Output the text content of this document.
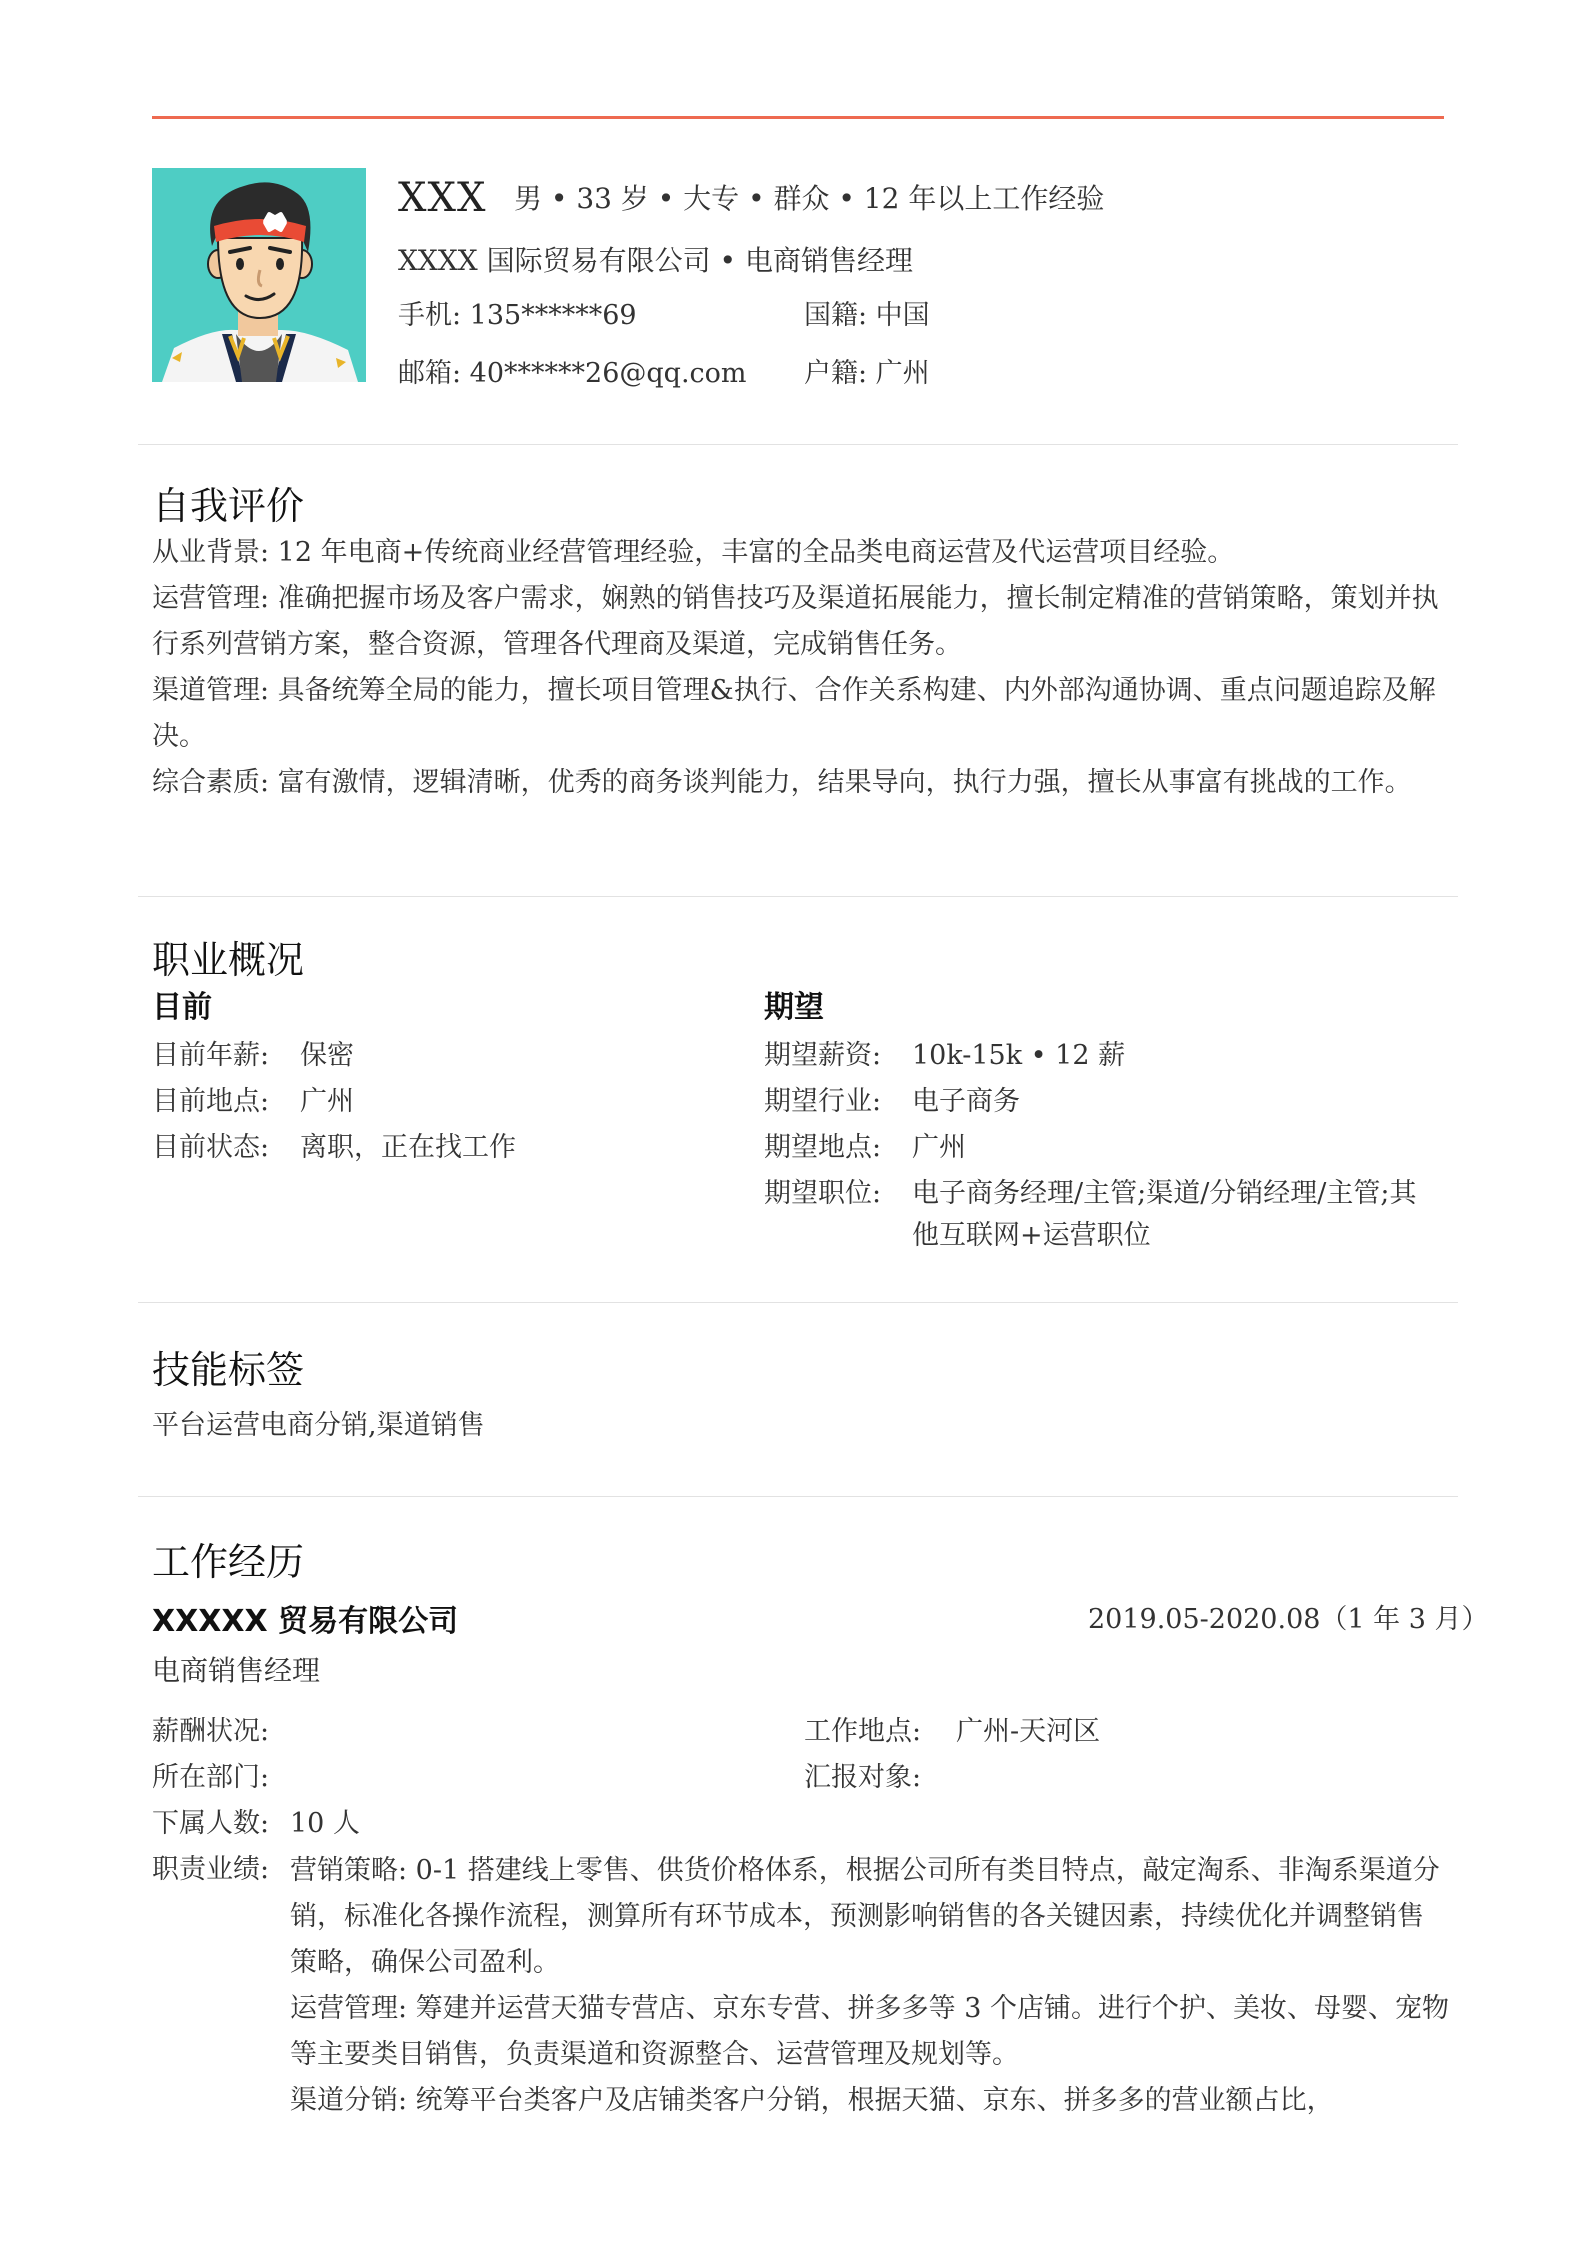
XXX 男 • 33 岁 • 大专 • 群众 • 12 年以上工作经验
XXXX 国际贸易有限公司 • 电商销售经理
手机: 135******69	国籍: 中国
邮箱: 40******26@qq.com 户籍: 广州
自我评价

从业背景: 12 年电商+传统商业经营管理经验，丰富的全品类电商运营及代运营项目经验。

运营管理: 准确把握市场及客户需求，娴熟的销售技巧及渠道拓展能力，擅长制定精准的营销策略，策划并执行系列营销方案，整合资源，管理各代理商及渠道，完成销售任务。

渠道管理: 具备统筹全局的能力，擅长项目管理&执行、合作关系构建、内外部沟通协调、重点问题追踪及解决。

综合素质: 富有激情，逻辑清晰，优秀的商务谈判能力，结果导向，执行力强，擅长从事富有挑战的工作。

职业概况
目前	期望
目前年薪: 保密
目前地点: 广州
目前状态: 离职，正在找工作
期望薪资: 10k-15k • 12 薪
期望行业: 电子商务
期望地点: 广州
期望职位: 电子商务经理/主管;渠道/分销经理/主管;其
他互联网+运营职位
技能标签
平台运营电商分销,渠道销售
工作经历
XXXXX 贸易有限公司	2019.05-2020.08（1 年 3 月）
电商销售经理
薪酬状况:	工作地点: 广州-天河区
所在部门:	汇报对象:
下属人数: 10 人
职责业绩: 营销策略: 0-1 搭建线上零售、供货价格体系，根据公司所有类目特点，敲定淘系、非淘系渠道分销，标准化各操作流程，测算所有环节成本，预测影响销售的各关键因素，持续优化并调整销售策略，确保公司盈利。

运营管理: 筹建并运营天猫专营店、京东专营、拼多多等 3 个店铺。进行个护、美妆、母婴、宠物等主要类目销售，负责渠道和资源整合、运营管理及规划等。

渠道分销: 统筹平台类客户及店铺类客户分销，根据天猫、京东、拼多多的营业额占比，
